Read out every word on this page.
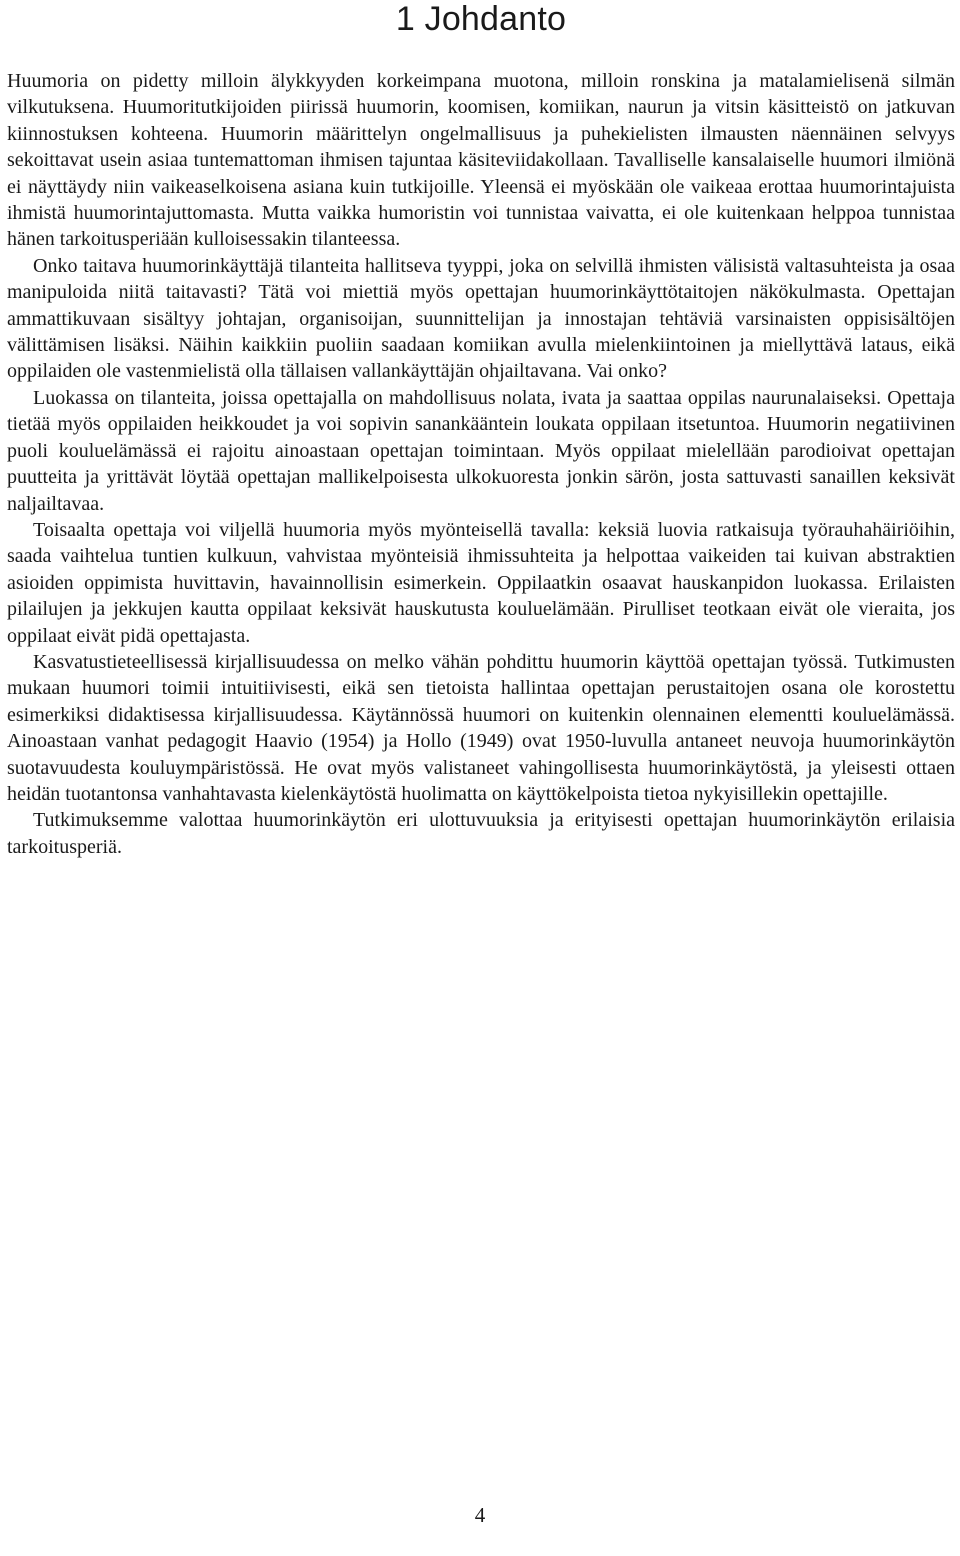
1 Johdanto

Huumoria on pidetty milloin älykkyyden korkeimpana muotona, milloin ronskina ja matalamielisenä silmän vilkutuksena. Huumoritutkijoiden piirissä huumorin, koomisen, komiikan, naurun ja vitsin käsitteistö on jatkuvan kiinnostuksen kohteena. Huumorin määrittelyn ongelmallisuus ja puhekielisten ilmausten näennäinen selvyys sekoittavat usein asiaa tuntemattoman ihmisen tajuntaa käsiteviidakollaan. Tavalliselle kansalaiselle huumori ilmiönä ei näyttäydy niin vaikeaselkoisena asiana kuin tutkijoille. Yleensä ei myöskään ole vaikeaa erottaa huumorintajuista ihmistä huumorintajuttomasta. Mutta vaikka humoristin voi tunnistaa vaivatta, ei ole kuitenkaan helppoa tunnistaa hänen tarkoitusperiään kulloisessakin tilanteessa.

Onko taitava huumorinkäyttäjä tilanteita hallitseva tyyppi, joka on selvillä ihmisten välisistä valtasuhteista ja osaa manipuloida niitä taitavasti? Tätä voi miettiä myös opettajan huumorinkäyttötaitojen näkökulmasta. Opettajan ammattikuvaan sisältyy johtajan, organisoijan, suunnittelijan ja innostajan tehtäviä varsinaisten oppisisältöjen välittämisen lisäksi. Näihin kaikkiin puoliin saadaan komiikan avulla mielenkiintoinen ja miellyttävä lataus, eikä oppilaiden ole vastenmielistä olla tällaisen vallankäyttäjän ohjailtavana. Vai onko?

Luokassa on tilanteita, joissa opettajalla on mahdollisuus nolata, ivata ja saattaa oppilas naurunalaiseksi. Opettaja tietää myös oppilaiden heikkoudet ja voi sopivin sanankääntein loukata oppilaan itsetuntoa. Huumorin negatiivinen puoli kouluelämässä ei rajoitu ainoastaan opettajan toimintaan. Myös oppilaat mielellään parodioivat opettajan puutteita ja yrittävät löytää opettajan mallikelpoisesta ulkokuoresta jonkin särön, josta sattuvasti sanaillen keksivät naljailtavaa.

Toisaalta opettaja voi viljellä huumoria myös myönteisellä tavalla: keksiä luovia ratkaisuja työrauhahäiriöihin, saada vaihtelua tuntien kulkuun, vahvistaa myönteisiä ihmissuhteita ja helpottaa vaikeiden tai kuivan abstraktien asioiden oppimista huvittavin, havainnollisin esimerkein. Oppilaatkin osaavat hauskanpidon luokassa. Erilaisten pilailujen ja jekkujen kautta oppilaat keksivät hauskutusta kouluelämään. Pirulliset teotkaan eivät ole vieraita, jos oppilaat eivät pidä opettajasta.

Kasvatustieteellisessä kirjallisuudessa on melko vähän pohdittu huumorin käyttöä opettajan työssä. Tutkimusten mukaan huumori toimii intuitiivisesti, eikä sen tietoista hallintaa opettajan perustaitojen osana ole korostettu esimerkiksi didaktisessa kirjallisuudessa. Käytännössä huumori on kuitenkin olennainen elementti kouluelämässä. Ainoastaan vanhat pedagogit Haavio (1954) ja Hollo (1949) ovat 1950-luvulla antaneet neuvoja huumorinkäytön suotavuudesta kouluympäristössä. He ovat myös valistaneet vahingollisesta huumorinkäytöstä, ja yleisesti ottaen heidän tuotantonsa vanhahtavasta kielenkäytöstä huolimatta on käyttökelpoista tietoa nykyisillekin opettajille.

Tutkimuksemme valottaa huumorinkäytön eri ulottuvuuksia ja erityisesti opettajan huumorinkäytön erilaisia tarkoitusperiä.

4
